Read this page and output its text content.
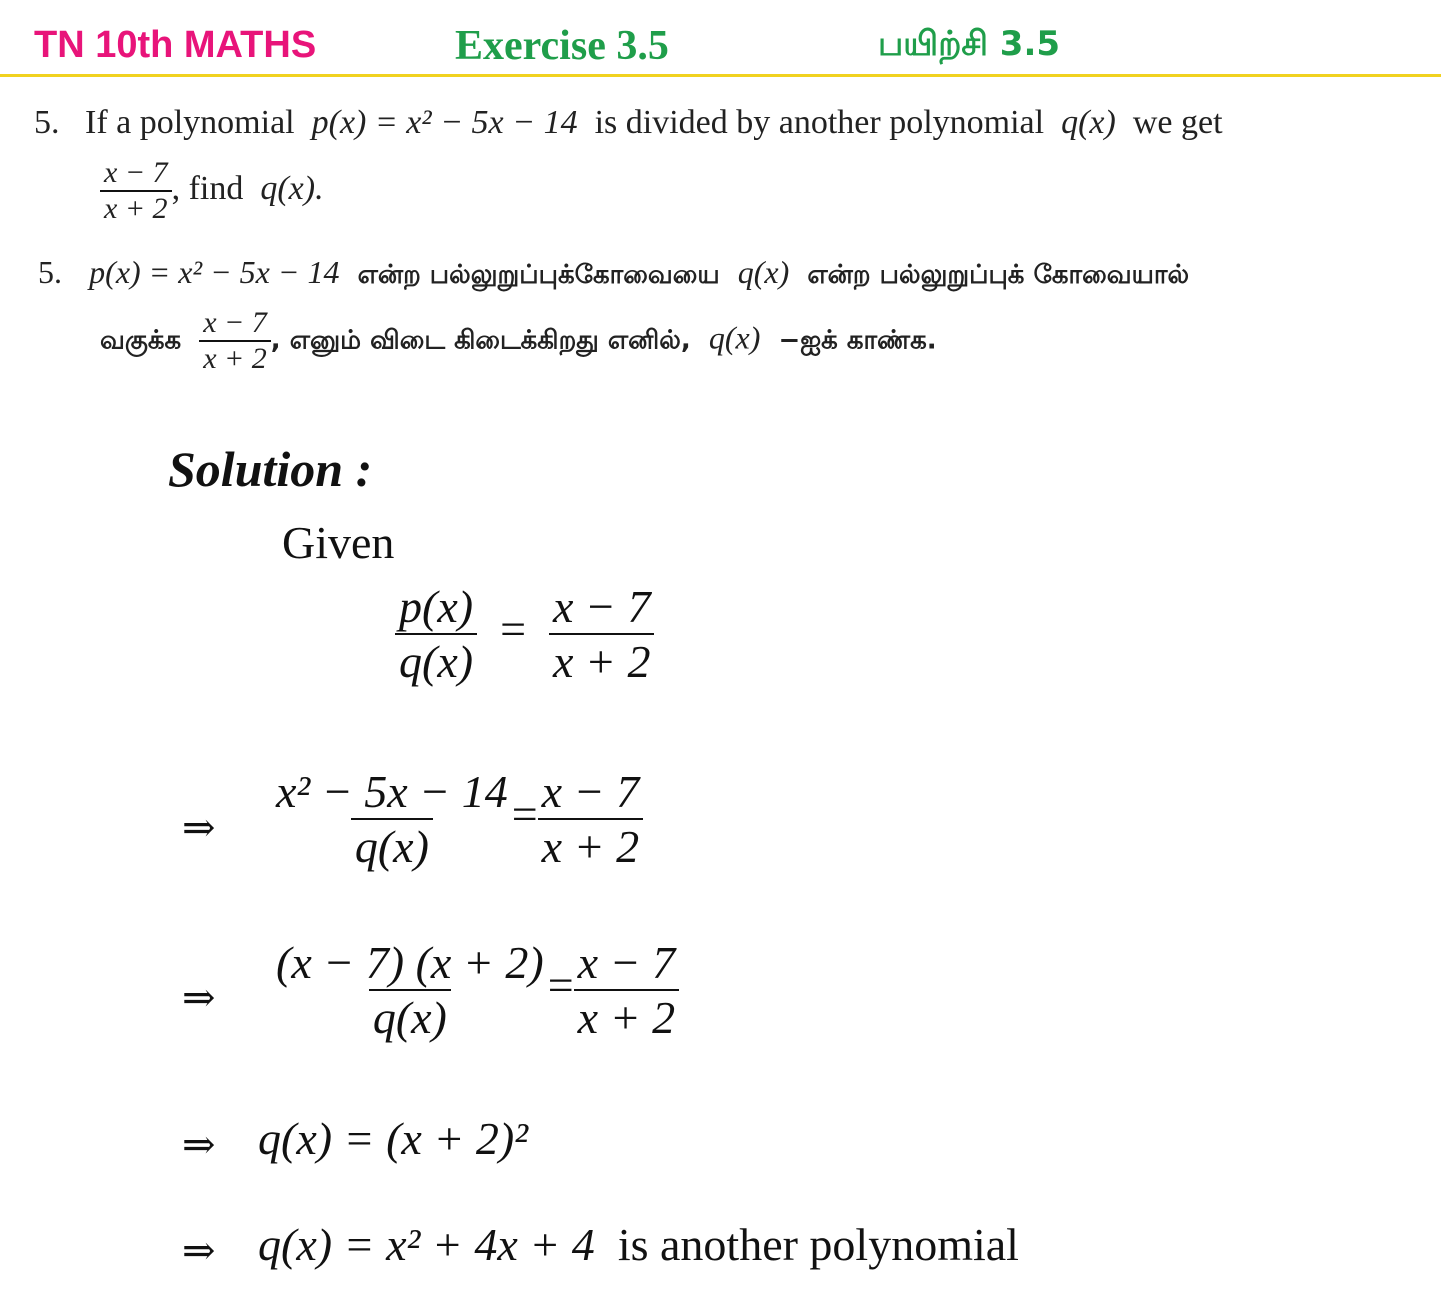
TN 10th MATHS	Exercise 3.5	பயிற்சி 3.5
5. If a polynomial p(x) = x² − 5x − 14 is divided by another polynomial q(x) we get
$\frac{x - 7}{x + 2}$ , find q(x).
5. p(x) = x² − 5x − 14 என்ற பல்லுறுப்புக்கோவையை q(x) என்ற பல்லுறுப்புக் கோவையால்
வகுக்க $\frac{x - 7}{x + 2}$ , எனும் விடை கிடைக்கிறது எனில், q(x) −ஐக் காண்க.
Solution :
Given
$\frac{p(x)}{q(x)} = \frac{x - 7}{x + 2}$
⇒ $\frac{\text{x² − 5x − 14}}{q(x)} = \frac{x - 7}{x + 2}$
⇒ $\frac{(x - 7) (x + 2)}{q(x)} = \frac{x - 7}{x + 2}$
⇒ q(x) = (x + 2)²
⇒ q(x) = x² + 4x + 4 is another polynomial
